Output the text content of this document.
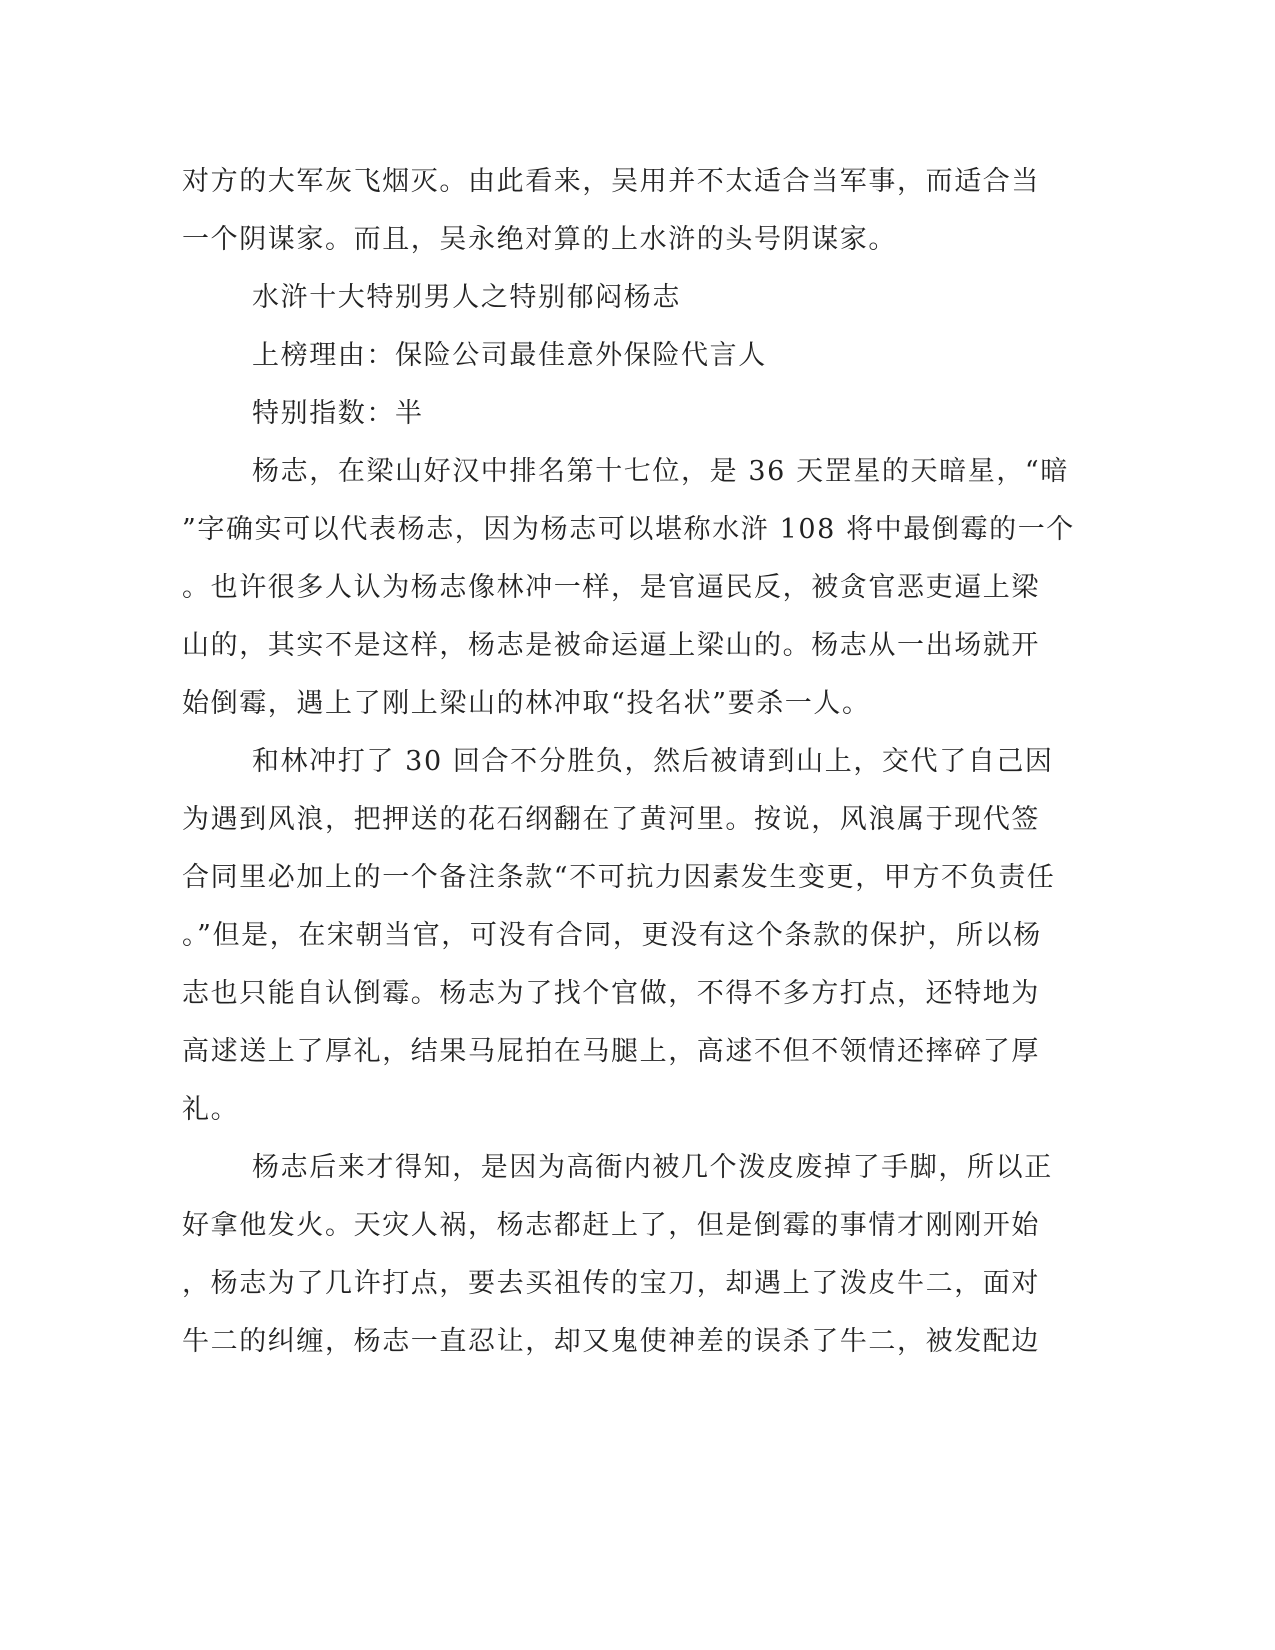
对方的大军灰飞烟灭。由此看来，吴用并不太适合当军事，而适合当
一个阴谋家。而且，吴永绝对算的上水浒的头号阴谋家。
水浒十大特别男人之特别郁闷杨志
上榜理由：保险公司最佳意外保险代言人
特别指数：半
杨志，在梁山好汉中排名第十七位，是 36 天罡星的天暗星，“暗
”字确实可以代表杨志，因为杨志可以堪称水浒 108 将中最倒霉的一个
。也许很多人认为杨志像林冲一样，是官逼民反，被贪官恶吏逼上梁
山的，其实不是这样，杨志是被命运逼上梁山的。杨志从一出场就开
始倒霉，遇上了刚上梁山的林冲取“投名状”要杀一人。
和林冲打了 30 回合不分胜负，然后被请到山上，交代了自己因
为遇到风浪，把押送的花石纲翻在了黄河里。按说，风浪属于现代签
合同里必加上的一个备注条款“不可抗力因素发生变更，甲方不负责任
。”但是，在宋朝当官，可没有合同，更没有这个条款的保护，所以杨
志也只能自认倒霉。杨志为了找个官做，不得不多方打点，还特地为
高逑送上了厚礼，结果马屁拍在马腿上，高逑不但不领情还摔碎了厚
礼。
杨志后来才得知，是因为高衙内被几个泼皮废掉了手脚，所以正
好拿他发火。天灾人祸，杨志都赶上了，但是倒霉的事情才刚刚开始
，杨志为了几许打点，要去买祖传的宝刀，却遇上了泼皮牛二，面对
牛二的纠缠，杨志一直忍让，却又鬼使神差的误杀了牛二，被发配边
